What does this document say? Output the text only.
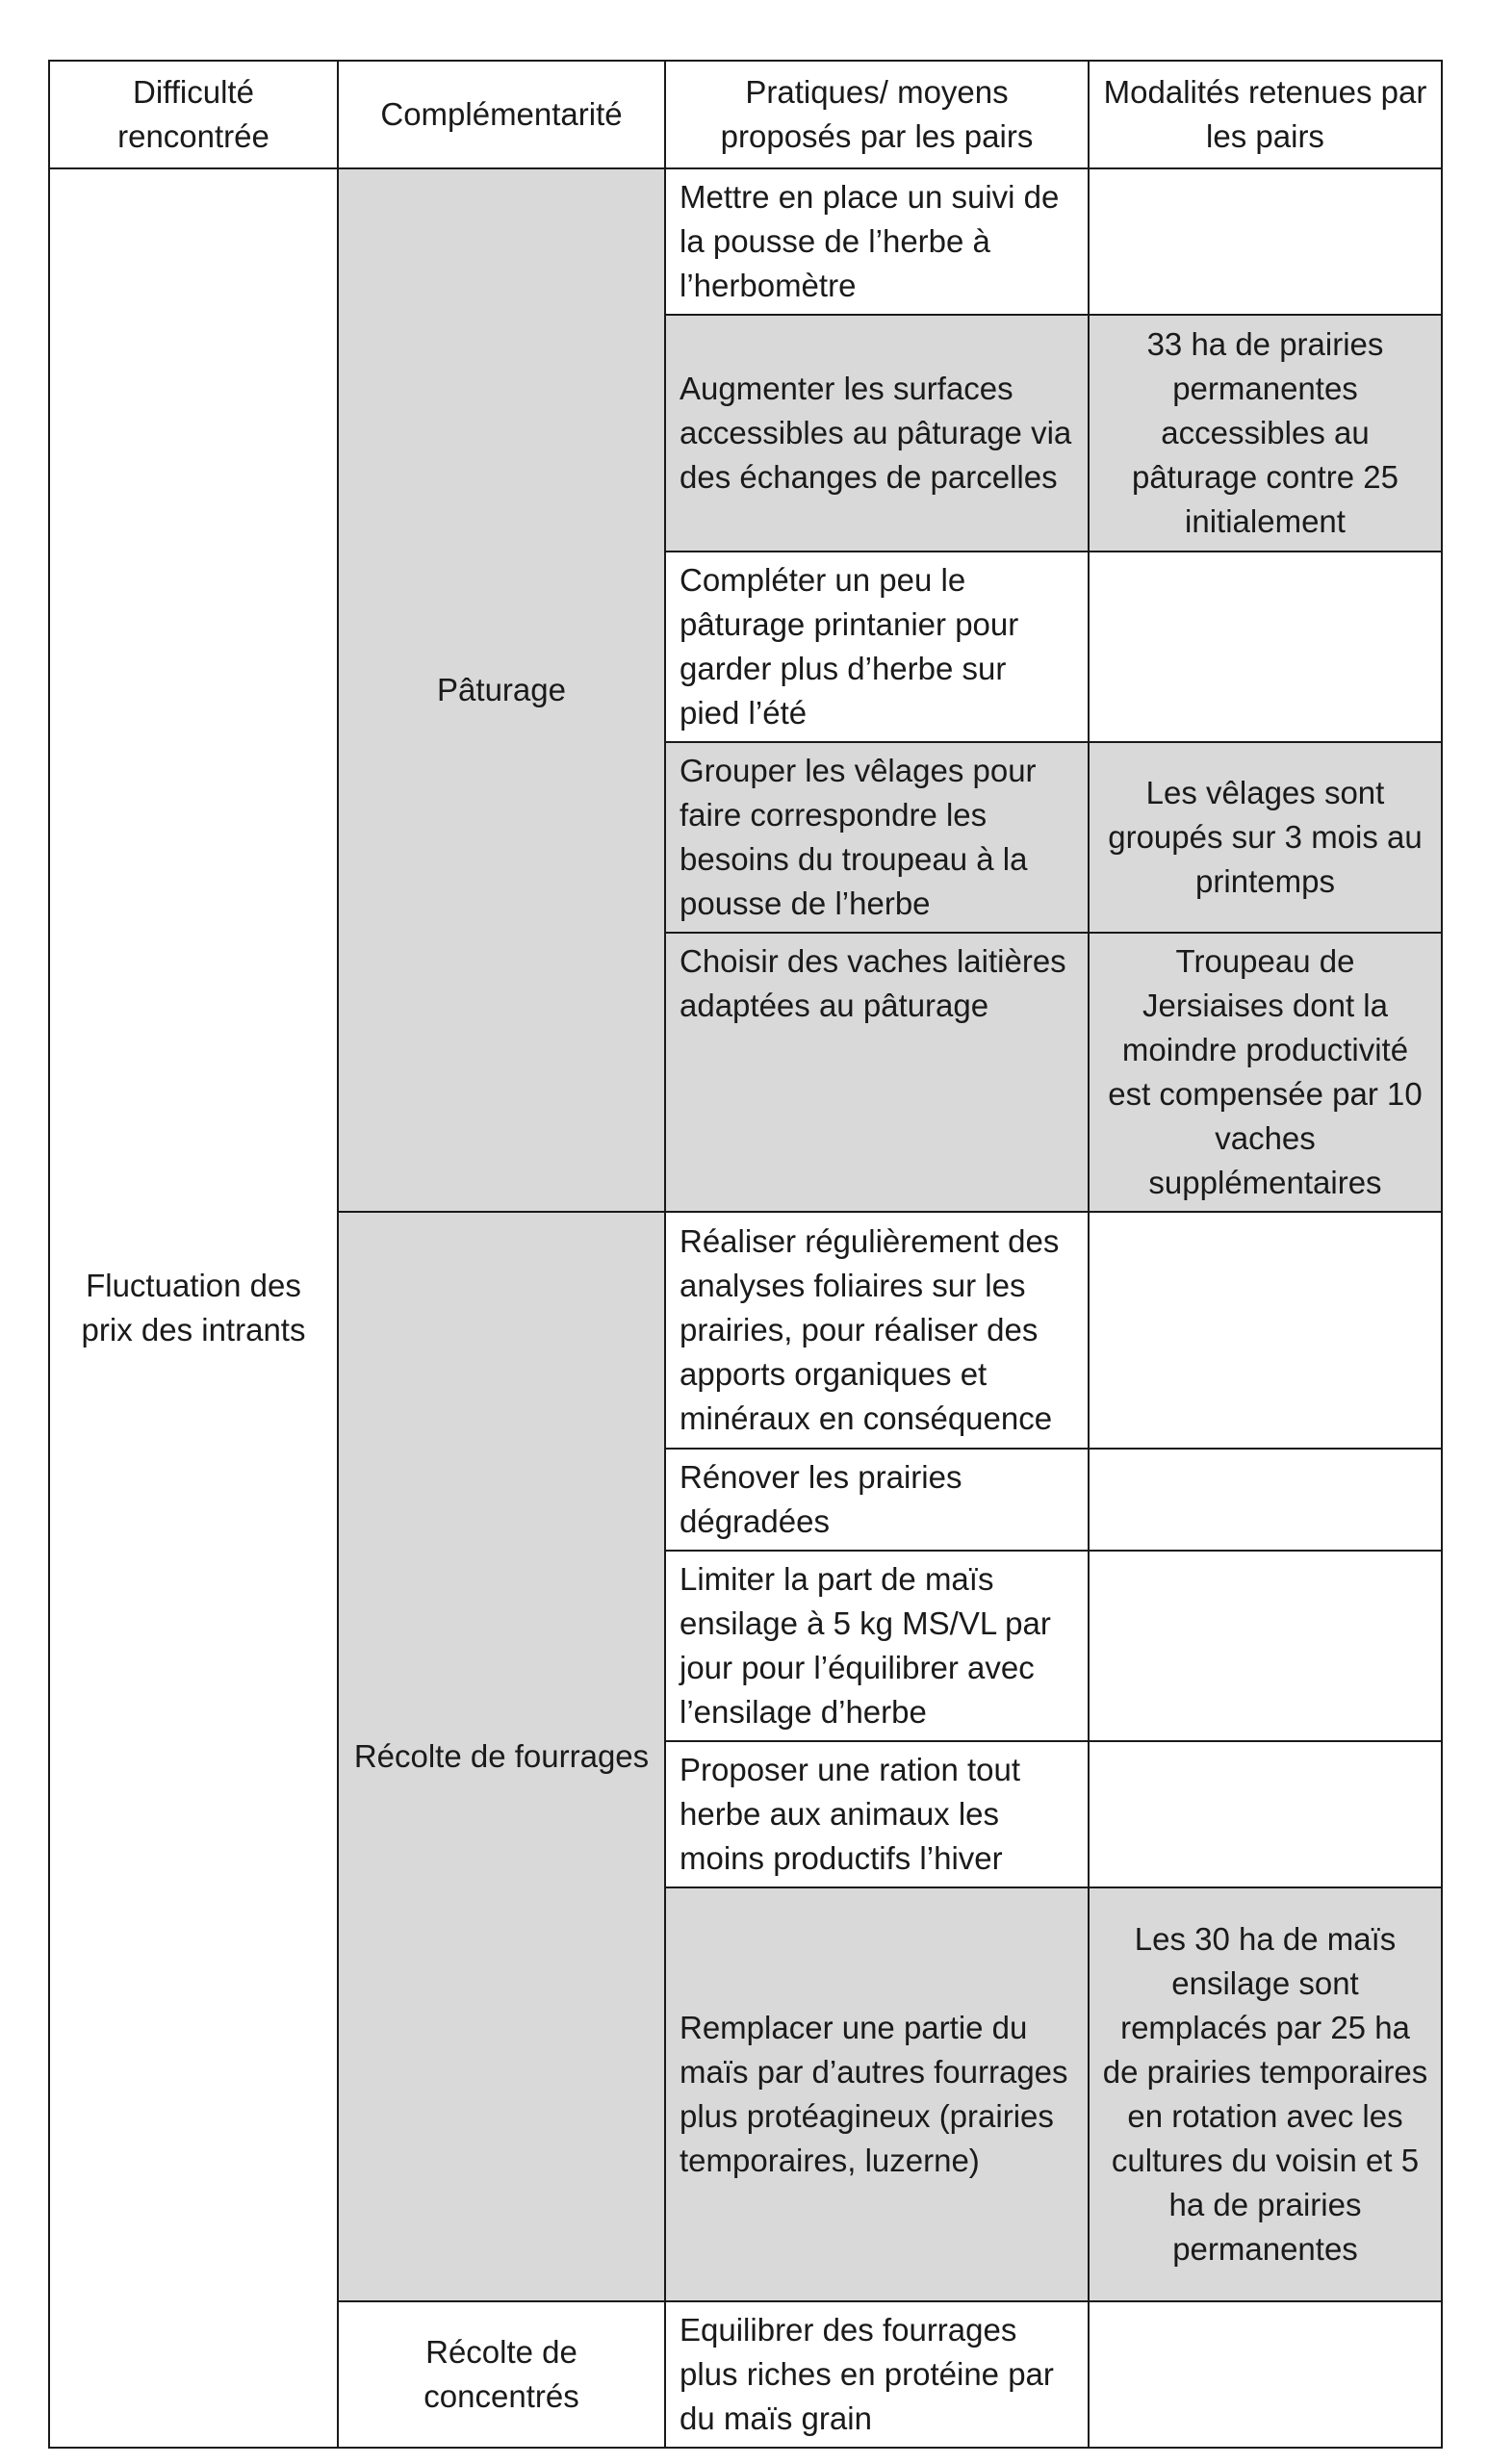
Difficulté rencontrée	Complémentarité	Pratiques/ moyens proposés par les pairs	Modalités retenues par les pairs

Fluctuation des prix des intrants	Pâturage	Mettre en place un suivi de la pousse de l’herbe à l’herbomètre	

		Augmenter les surfaces accessibles au pâturage via des échanges de parcelles	33 ha de prairies permanentes accessibles au pâturage contre 25 initialement

		Compléter un peu le pâturage printanier pour garder plus d’herbe sur pied l’été	

		Grouper les vêlages pour faire correspondre les besoins du troupeau à la pousse de l’herbe	Les vêlages sont groupés sur 3 mois au printemps

		Choisir des vaches laitières adaptées au pâturage	Troupeau de Jersiaises dont la moindre productivité est compensée par 10 vaches supplémentaires

	Récolte de fourrages	Réaliser régulièrement des analyses foliaires sur les prairies, pour réaliser des apports organiques et minéraux en conséquence	

		Rénover les prairies dégradées	

		Limiter la part de maïs ensilage à 5 kg MS/VL par jour pour l’équilibrer avec l’ensilage d’herbe	

		Proposer une ration tout herbe aux animaux les moins productifs l’hiver	

		Remplacer une partie du maïs par d’autres fourrages plus protéagineux (prairies temporaires, luzerne)	Les 30 ha de maïs ensilage sont remplacés par 25 ha de prairies temporaires en rotation avec les cultures du voisin et 5 ha de prairies permanentes

	Récolte de concentrés	Equilibrer des fourrages plus riches en protéine par du maïs grain	
